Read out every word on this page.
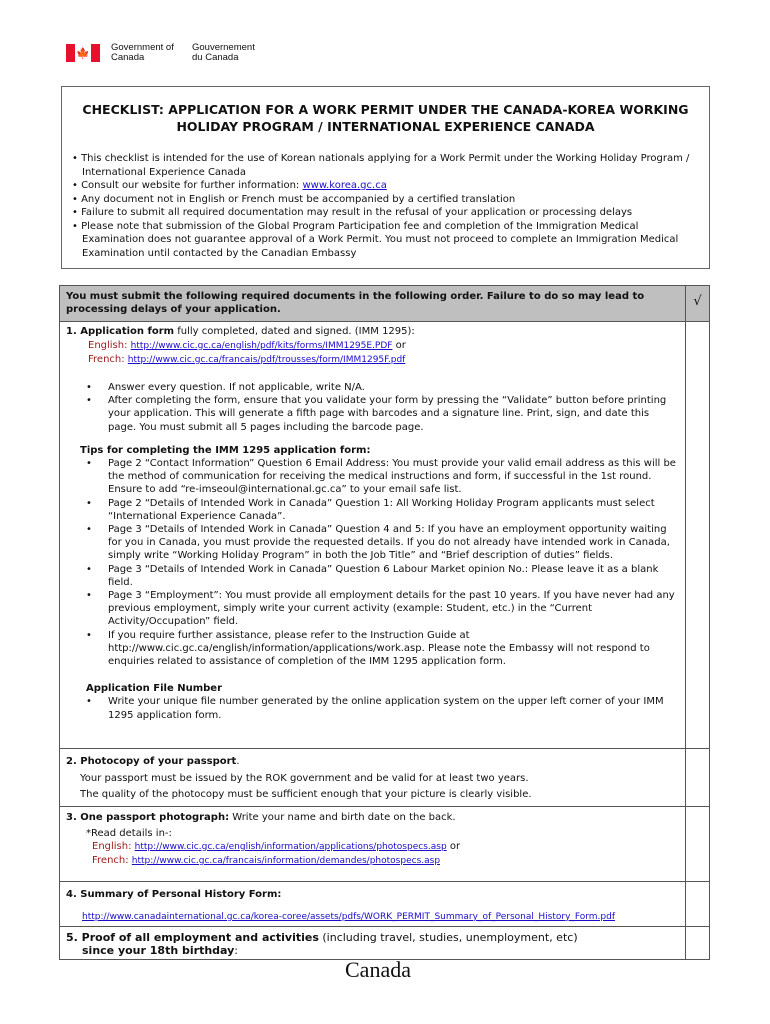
🍁 Government of Canada
Gouvernement du Canada
CHECKLIST: APPLICATION FOR A WORK PERMIT UNDER THE CANADA-KOREA WORKING HOLIDAY PROGRAM / INTERNATIONAL EXPERIENCE CANADA
• This checklist is intended for the use of Korean nationals applying for a Work Permit under the Working Holiday Program / International Experience Canada
• Consult our website for further information: www.korea.gc.ca
• Any document not in English or French must be accompanied by a certified translation
• Failure to submit all required documentation may result in the refusal of your application or processing delays
• Please note that submission of the Global Program Participation fee and completion of the Immigration Medical Examination does not guarantee approval of a Work Permit. You must not proceed to complete an Immigration Medical Examination until contacted by the Canadian Embassy
You must submit the following required documents in the following order. Failure to do so may lead to processing delays of your application.
√
1. Application form fully completed, dated and signed. (IMM 1295):
English: http://www.cic.gc.ca/english/pdf/kits/forms/IMM1295E.PDF or
French: http://www.cic.gc.ca/francais/pdf/trousses/form/IMM1295F.pdf
•	Answer every question. If not applicable, write N/A.
•	After completing the form, ensure that you validate your form by pressing the “Validate” button before printing your application. This will generate a fifth page with barcodes and a signature line. Print, sign, and date this page. You must submit all 5 pages including the barcode page.
Tips for completing the IMM 1295 application form:
•	Page 2 “Contact Information” Question 6 Email Address: You must provide your valid email address as this will be the method of communication for receiving the medical instructions and form, if successful in the 1st round. Ensure to add “re-imseoul@international.gc.ca” to your email safe list.
•	Page 2 “Details of Intended Work in Canada” Question 1: All Working Holiday Program applicants must select “International Experience Canada”.
•	Page 3 “Details of Intended Work in Canada” Question 4 and 5: If you have an employment opportunity waiting for you in Canada, you must provide the requested details. If you do not already have intended work in Canada, simply write “Working Holiday Program” in both the Job Title” and “Brief description of duties” fields.
•	Page 3 “Details of Intended Work in Canada” Question 6 Labour Market opinion No.: Please leave it as a blank field.
•	Page 3 “Employment”: You must provide all employment details for the past 10 years. If you have never had any previous employment, simply write your current activity (example: Student, etc.) in the “Current Activity/Occupation” field.
•	If you require further assistance, please refer to the Instruction Guide at http://www.cic.gc.ca/english/information/applications/work.asp. Please note the Embassy will not respond to enquiries related to assistance of completion of the IMM 1295 application form.
Application File Number
•	Write your unique file number generated by the online application system on the upper left corner of your IMM 1295 application form.
2. Photocopy of your passport.
Your passport must be issued by the ROK government and be valid for at least two years.
The quality of the photocopy must be sufficient enough that your picture is clearly visible.
3. One passport photograph: Write your name and birth date on the back.
*Read details in-:
English: http://www.cic.gc.ca/english/information/applications/photospecs.asp or
French: http://www.cic.gc.ca/francais/information/demandes/photospecs.asp
4. Summary of Personal History Form:
http://www.canadainternational.gc.ca/korea-coree/assets/pdfs/WORK_PERMIT_Summary_of_Personal_History_Form.pdf
5. Proof of all employment and activities (including travel, studies, unemployment, etc)
since your 18th birthday:
Canada
